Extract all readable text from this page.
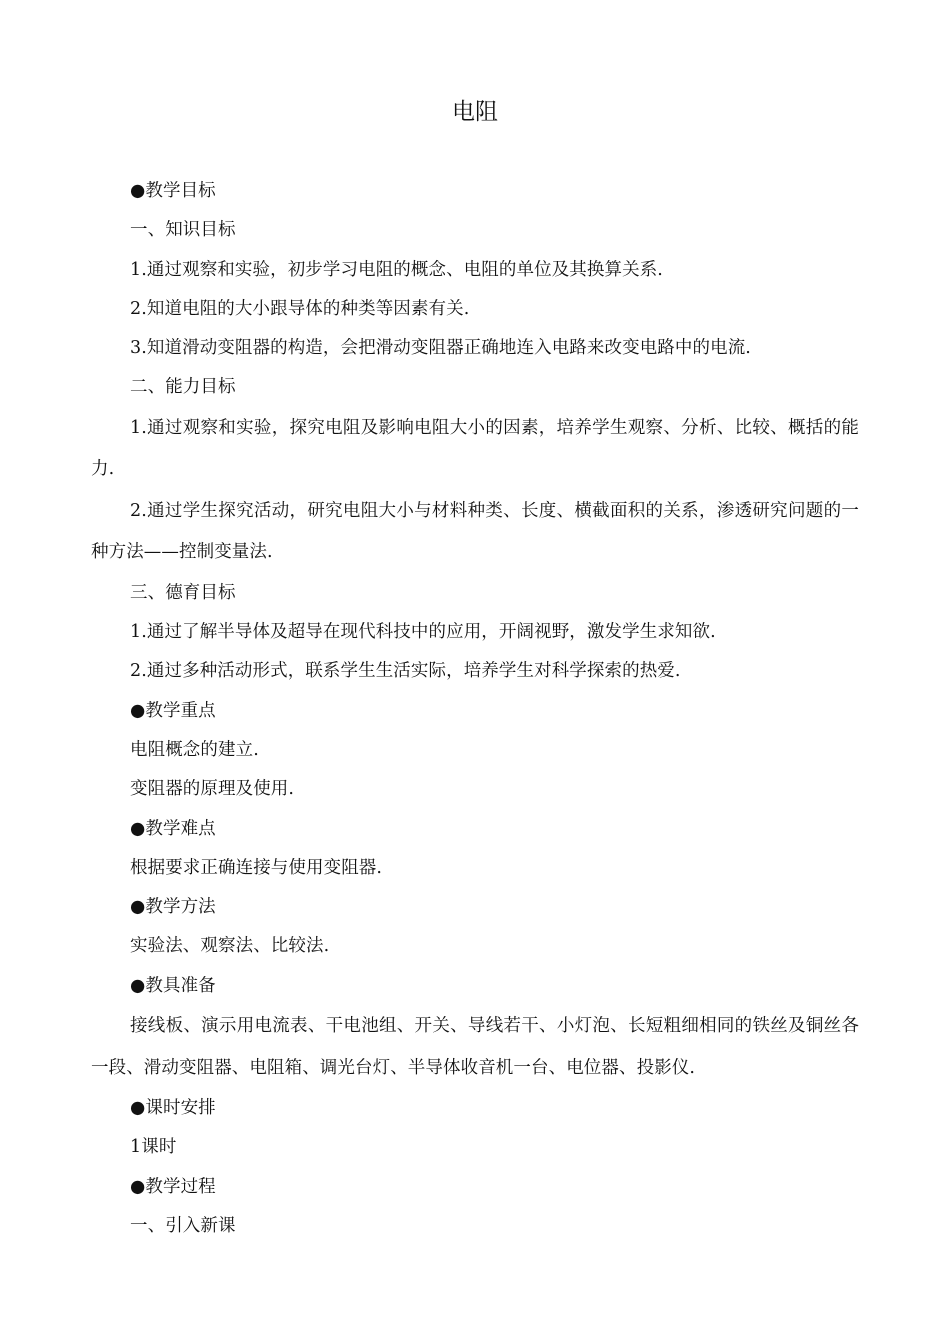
电阻

●教学目标

一、知识目标

1.通过观察和实验，初步学习电阻的概念、电阻的单位及其换算关系.

2.知道电阻的大小跟导体的种类等因素有关.

3.知道滑动变阻器的构造，会把滑动变阻器正确地连入电路来改变电路中的电流.

二、能力目标

1.通过观察和实验，探究电阻及影响电阻大小的因素，培养学生观察、分析、比较、概括的能力.

2.通过学生探究活动，研究电阻大小与材料种类、长度、横截面积的关系，渗透研究问题的一种方法——控制变量法.

三、德育目标

1.通过了解半导体及超导在现代科技中的应用，开阔视野，激发学生求知欲.

2.通过多种活动形式，联系学生生活实际，培养学生对科学探索的热爱.

●教学重点

电阻概念的建立.

变阻器的原理及使用.

●教学难点

根据要求正确连接与使用变阻器.

●教学方法

实验法、观察法、比较法.

●教具准备

接线板、演示用电流表、干电池组、开关、导线若干、小灯泡、长短粗细相同的铁丝及铜丝各一段、滑动变阻器、电阻箱、调光台灯、半导体收音机一台、电位器、投影仪.

●课时安排

1课时

●教学过程

一、引入新课
